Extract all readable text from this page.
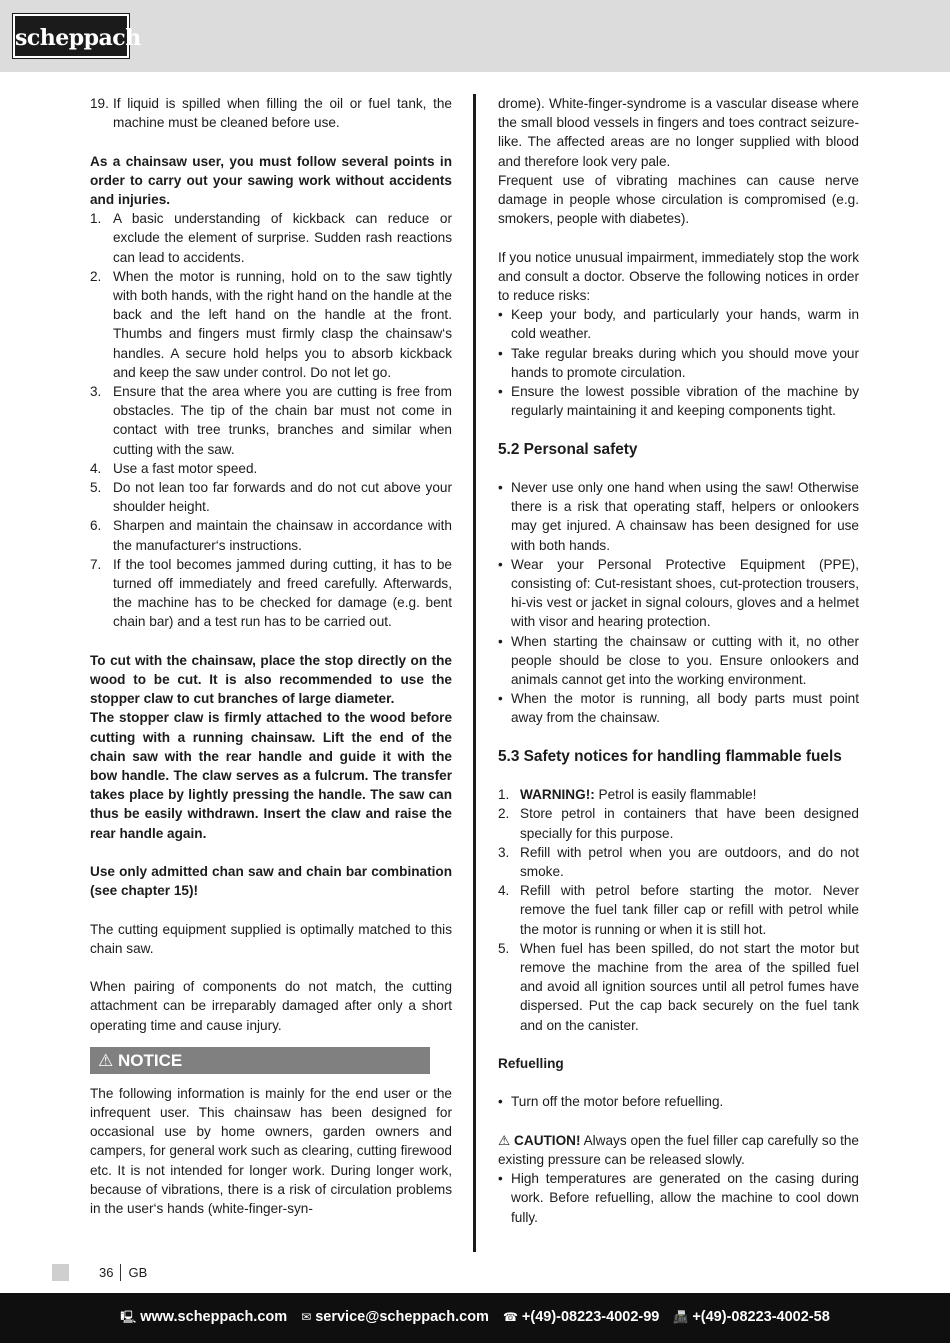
scheppach
19. If liquid is spilled when filling the oil or fuel tank, the machine must be cleaned before use.

As a chainsaw user, you must follow several points in order to carry out your sawing work without accidents and injuries.

1. A basic understanding of kickback can reduce or exclude the element of surprise. Sudden rash reactions can lead to accidents.
2. When the motor is running, hold on to the saw tightly with both hands, with the right hand on the handle at the back and the left hand on the handle at the front. Thumbs and fingers must firmly clasp the chainsaw‘s handles. A secure hold helps you to absorb kickback and keep the saw under control. Do not let go.
3. Ensure that the area where you are cutting is free from obstacles. The tip of the chain bar must not come in contact with tree trunks, branches and similar when cutting with the saw.
4. Use a fast motor speed.
5. Do not lean too far forwards and do not cut above your shoulder height.
6. Sharpen and maintain the chainsaw in accordance with the manufacturer‘s instructions.
7. If the tool becomes jammed during cutting, it has to be turned off immediately and freed carefully. Afterwards, the machine has to be checked for damage (e.g. bent chain bar) and a test run has to be carried out.

To cut with the chainsaw, place the stop directly on the wood to be cut. It is also recommended to use the stopper claw to cut branches of large diameter.

The stopper claw is firmly attached to the wood before cutting with a running chainsaw. Lift the end of the chain saw with the rear handle and guide it with the bow handle. The claw serves as a fulcrum. The transfer takes place by lightly pressing the handle. The saw can thus be easily withdrawn. Insert the claw and raise the rear handle again.

Use only admitted chan saw and chain bar combination (see chapter 15)!

The cutting equipment supplied is optimally matched to this chain saw.

When pairing of components do not match, the cutting attachment can be irreparably damaged after only a short operating time and cause injury.

⚠ NOTICE

The following information is mainly for the end user or the infrequent user. This chainsaw has been designed for occasional use by home owners, garden owners and campers, for general work such as clearing, cutting firewood etc. It is not intended for longer work. During longer work, because of vibrations, there is a risk of circulation problems in the user‘s hands (white-finger-syn-

drome). White-finger-syndrome is a vascular disease where the small blood vessels in fingers and toes contract seizure-like. The affected areas are no longer supplied with blood and therefore look very pale.

Frequent use of vibrating machines can cause nerve damage in people whose circulation is compromised (e.g. smokers, people with diabetes).

If you notice unusual impairment, immediately stop the work and consult a doctor. Observe the following notices in order to reduce risks:

• Keep your body, and particularly your hands, warm in cold weather.
• Take regular breaks during which you should move your hands to promote circulation.
• Ensure the lowest possible vibration of the machine by regularly maintaining it and keeping components tight.
5.2 Personal safety
• Never use only one hand when using the saw! Otherwise there is a risk that operating staff, helpers or onlookers may get injured. A chainsaw has been designed for use with both hands.
• Wear your Personal Protective Equipment (PPE), consisting of: Cut-resistant shoes, cut-protection trousers, hi-vis vest or jacket in signal colours, gloves and a helmet with visor and hearing protection.
• When starting the chainsaw or cutting with it, no other people should be close to you. Ensure onlookers and animals cannot get into the working environment.
• When the motor is running, all body parts must point away from the chainsaw.
5.3 Safety notices for handling flammable fuels
1. WARNING!: Petrol is easily flammable!
2. Store petrol in containers that have been designed specially for this purpose.
3. Refill with petrol when you are outdoors, and do not smoke.
4. Refill with petrol before starting the motor. Never remove the fuel tank filler cap or refill with petrol while the motor is running or when it is still hot.
5. When fuel has been spilled, do not start the motor but remove the machine from the area of the spilled fuel and avoid all ignition sources until all petrol fumes have dispersed. Put the cap back securely on the fuel tank and on the canister.
Refuelling
• Turn off the motor before refuelling.

⚠ CAUTION! Always open the fuel filler cap carefully so the existing pressure can be released slowly.

• High temperatures are generated on the casing during work. Before refuelling, allow the machine to cool down fully.
36 GB
🖳 www.scheppach.com ✉ service@scheppach.com ☎ +(49)-08223-4002-99 📠 +(49)-08223-4002-58
